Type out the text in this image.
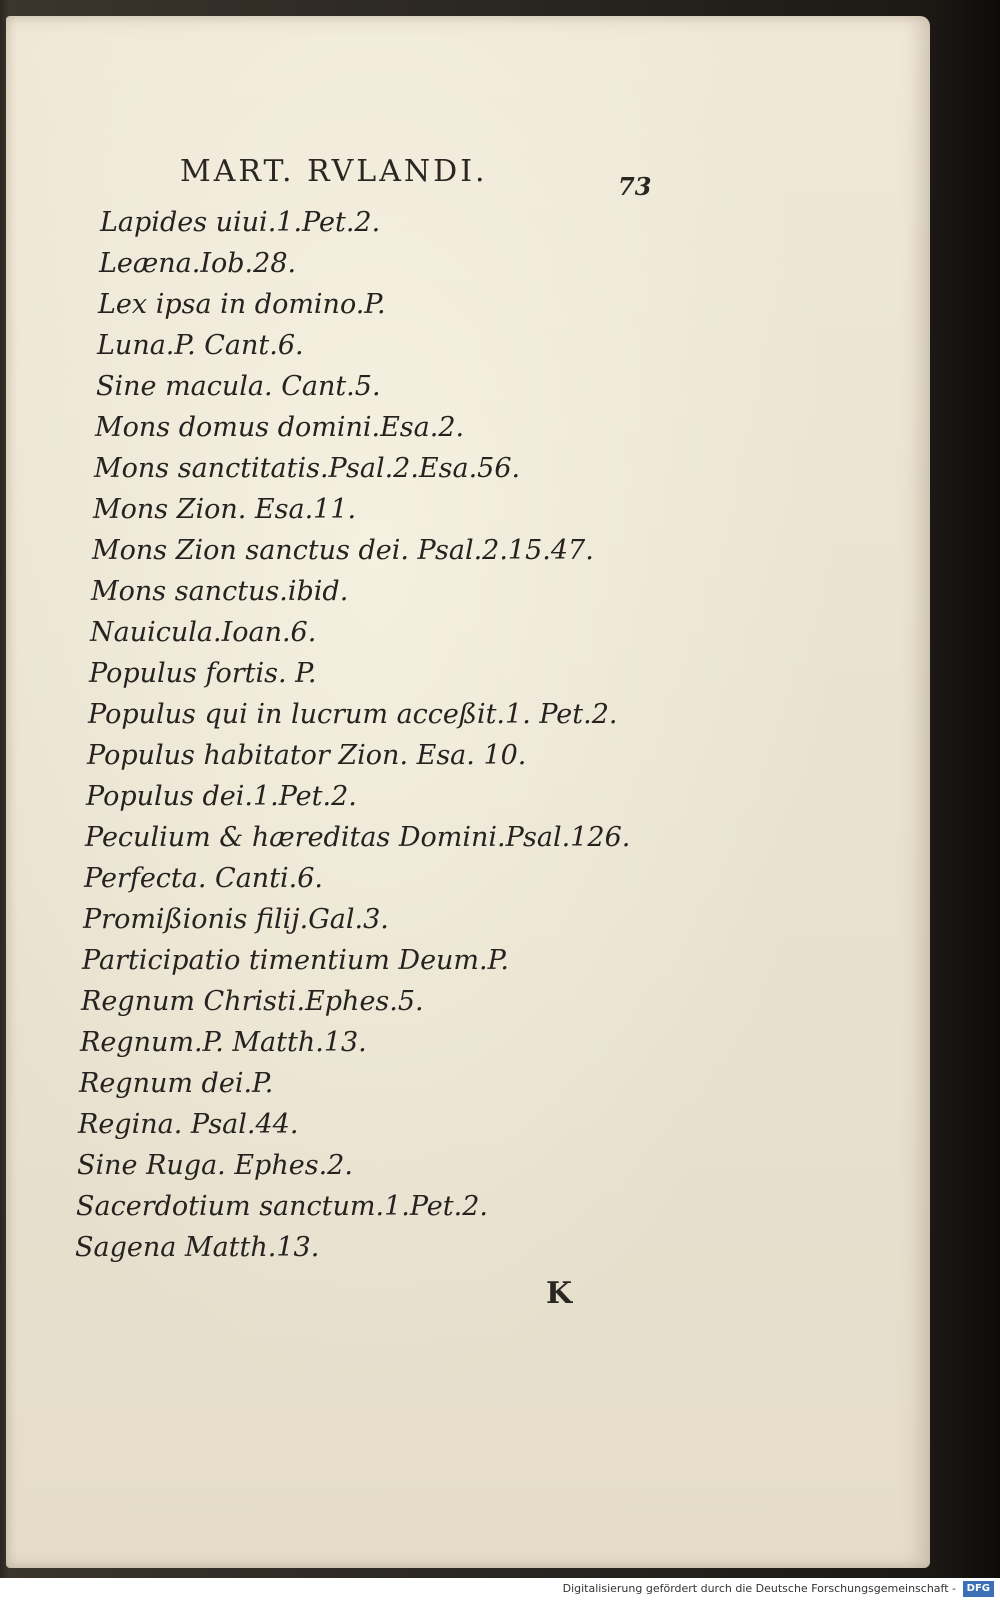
MART. RVLANDI.	73
Lapides uiui.1.Pet.2.
Leæna.Iob.28.
Lex ipsa in domino.P.
Luna.P. Cant.6.
Sine macula. Cant.5.
Mons domus domini.Esa.2.
Mons sanctitatis.Psal.2.Esa.56.
Mons Zion. Esa.11.
Mons Zion sanctus dei. Psal.2.15.47.
Mons sanctus.ibid.
Nauicula.Ioan.6.
Populus fortis. P.
Populus qui in lucrum acceßit.1. Pet.2.
Populus habitator Zion. Esa. 10.
Populus dei.1.Pet.2.
Peculium & hæreditas Domini.Psal.126.
Perfecta. Canti.6.
Promißionis filij.Gal.3.
Participatio timentium Deum.P.
Regnum Christi.Ephes.5.
Regnum.P. Matth.13.
Regnum dei.P.
Regina. Psal.44.
Sine Ruga. Ephes.2.
Sacerdotium sanctum.1.Pet.2.
Sagena Matth.13.
K
Digitalisierung gefördert durch die Deutsche Forschungsgemeinschaft -	DFG
